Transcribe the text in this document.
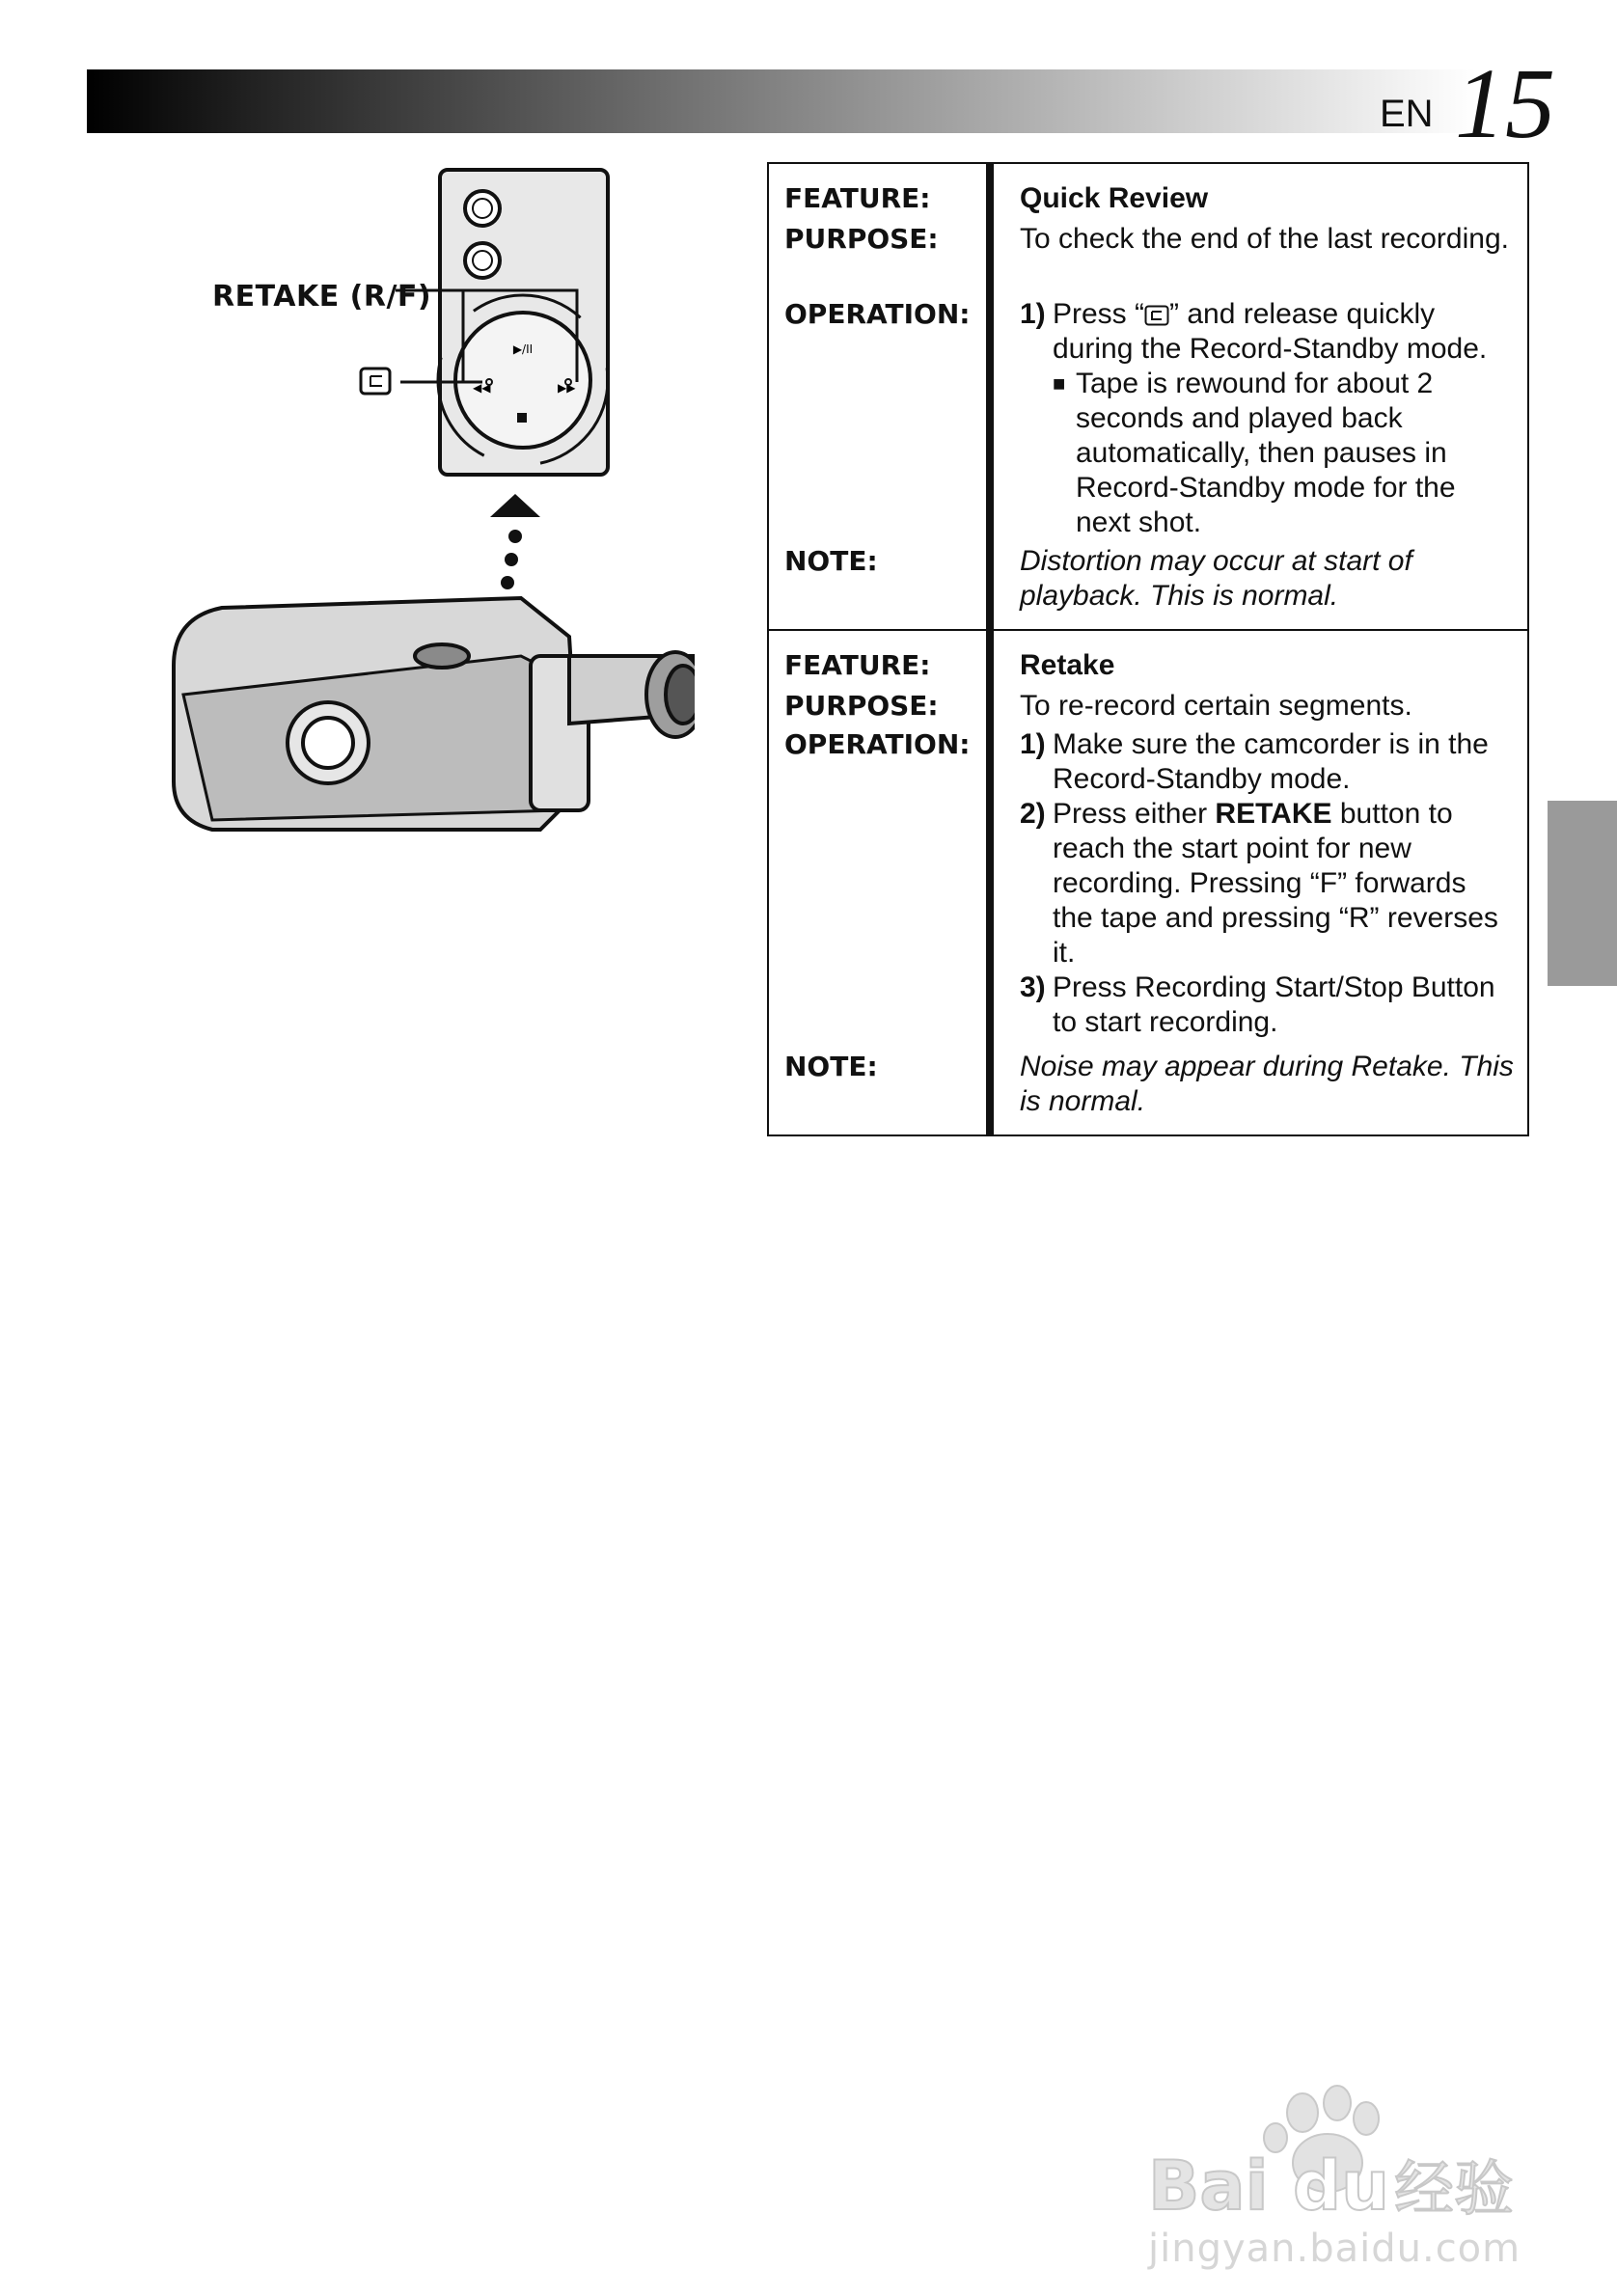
EN 15
▶/II
◀◀	▶▶
RETAKE (R/F)
FEATURE:	Quick Review
PURPOSE:	To check the end of the last recording.
OPERATION:	1) Press “ ” and release quickly during the Record-Standby mode.
■ Tape is rewound for about 2 seconds and played back automatically, then pauses in Record-Standby mode for the next shot.
NOTE:	Distortion may occur at start of playback. This is normal.
FEATURE:	Retake
PURPOSE:	To re-record certain segments.
OPERATION:	1) Make sure the camcorder is in the Record-Standby mode.
2) Press either RETAKE button to reach the start point for new recording. Pressing “F” forwards the tape and pressing “R” reverses it.
3) Press Recording Start/Stop Button to start recording.
NOTE:	Noise may appear during Retake. This is normal.
Bai du 经验
jingyan.baidu.com
